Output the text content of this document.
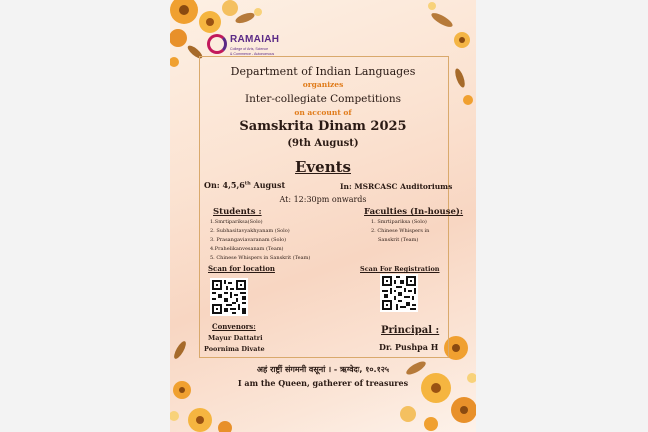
RAMAIAH
College of Arts, Science
& Commerce - Autonomous
Department of Indian Languages
organizes
Inter-collegiate Competitions
on account of
Samskrita Dinam 2025
(9th August)
Events
On: 4,5,6th August	In: MSRCASC Auditoriums
At: 12:30pm onwards
Students :
1.Smrtipariksa(Solo)
2. Subhasitavyakhyanam (Solo)
3. Prasangaviavaranam (Solo)
4.Prahelikanvesanam (Team)
5. Chinese Whispers in Sanskrit (Team)
Faculties (In-house):
1. Smrtipariksa (Solo)
2. Chinese Whispers in
Sanskrit (Team)
Scan for location	Scan For Registration
Convenors:
Mayur Dattatri
Poornima Divate
Principal :
Dr. Pushpa H
अहं राष्ट्रीं संगमनी वसूनां । - ऋग्वेदः, १०.१२५
I am the Queen, gatherer of treasures
